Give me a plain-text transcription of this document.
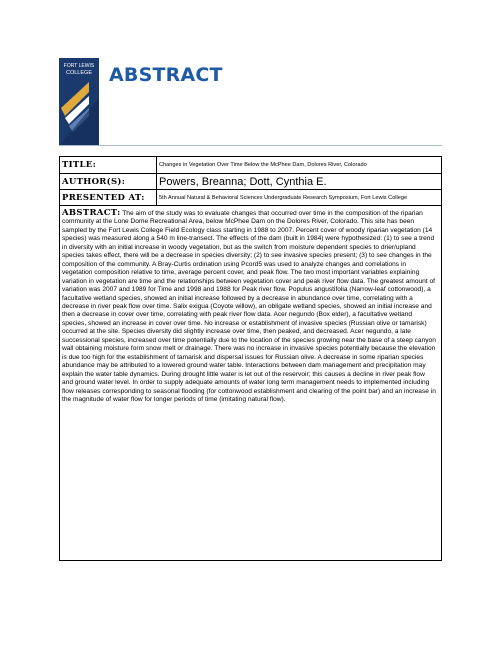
FORT LEWIS
COLLEGE ABSTRACT
TITLE:	Changes in Vegetation Over Time Below the McPhee Dam, Dolores River, Colorado
AUTHOR(S):	Powers, Breanna; Dott, Cynthia E.
PRESENTED AT:	5th Annual Natural & Behavioral Sciences Undergraduate Research Symposium, Fort Lewis College

ABSTRACT: The aim of the study was to evaluate changes that occurred over time in the composition of the riparian community at the Lone Dome Recreational Area, below McPhee Dam on the Dolores River, Colorado. This site has been sampled by the Fort Lewis College Field Ecology class starting in 1988 to 2007. Percent cover of woody riparian vegetation (14 species) was measured along a 540 m line-transect. The effects of the dam (built in 1984) were hypothesized: (1) to see a trend in diversity with an initial increase in woody vegetation, but as the switch from moisture dependent species to drier/upland species takes effect, there will be a decrease in species diversity; (2) to see invasive species present; (3) to see changes in the composition of the community. A Bray-Curtis ordination using Pcord5 was used to analyze changes and correlations in vegetation composition relative to time, average percent cover, and peak flow. The two most important variables explaining variation in vegetation are time and the relationships between vegetation cover and peak river flow data. The greatest amount of variation was 2007 and 1989 for Time and 1998 and 1988 for Peak river flow. Populus angustifolia (Narrow-leaf cottonwood), a facultative wetland species, showed an initial increase followed by a decrease in abundance over time, correlating with a decrease in river peak flow over time. Salix exigua (Coyote willow), an obligate wetland species, showed an initial increase and then a decrease in cover over time, correlating with peak river flow data. Acer negundo (Box elder), a facultative wetland species, showed an increase in cover over time. No increase or establishment of invasive species (Russian olive or tamarisk) occurred at the site. Species diversity did slightly increase over time, then peaked, and decreased. Acer negundo, a late successional species, increased over time potentially due to the location of the species growing near the base of a steep canyon wall obtaining moisture form snow melt or drainage. There was no increase in invasive species potentially because the elevation is due too high for the establishment of tamarisk and dispersal issues for Russian olive. A decrease in some riparian species abundance may be attributed to a lowered ground water table. Interactions between dam management and precipitation may explain the water table dynamics. During drought little water is let out of the reservoir; this causes a decline in river peak flow and ground water level. In order to supply adequate amounts of water long term management needs to implemented including flow releases corresponding to seasonal flooding (for cottonwood establishment and clearing of the point bar) and an increase in the magnitude of water flow for longer periods of time (imitating natural flow).	
